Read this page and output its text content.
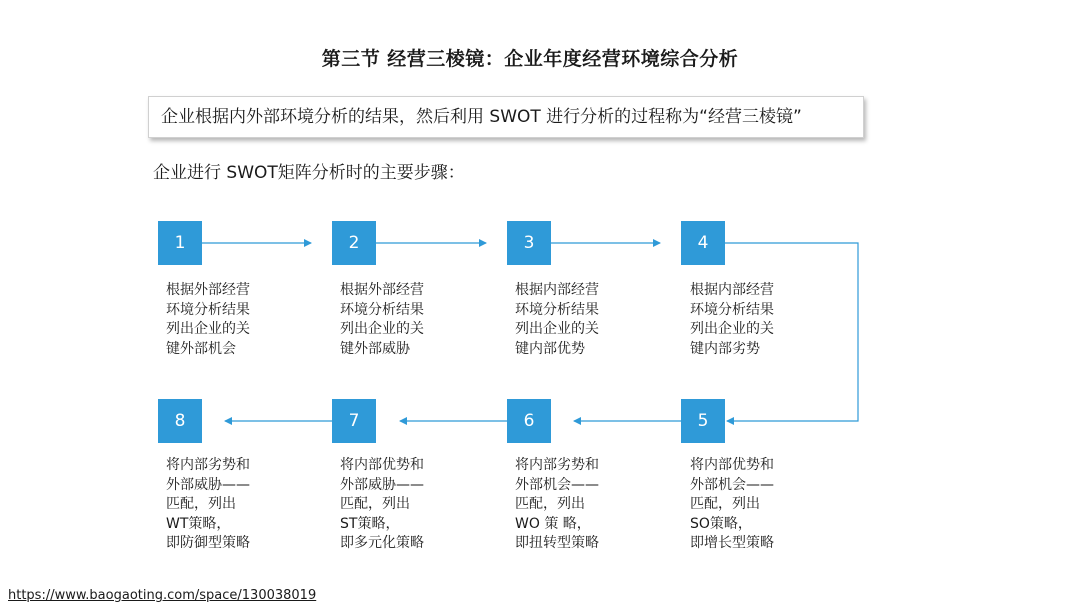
第三节 经营三棱镜：企业年度经营环境综合分析
企业根据内外部环境分析的结果，然后利用 SWOT 进行分析的过程称为“经营三棱镜”
企业进行 SWOT矩阵分析时的主要步骤：
1
根据外部经营
环境分析结果
列出企业的关
键外部机会
2
根据外部经营
环境分析结果
列出企业的关
键外部威胁
3
根据内部经营
环境分析结果
列出企业的关
键内部优势
4
根据内部经营
环境分析结果
列出企业的关
键内部劣势
5
将内部优势和
外部机会——
匹配，列出
SO策略，
即增长型策略
6
将内部劣势和
外部机会——
匹配，列出
WO 策 略，
即扭转型策略
7
将内部优势和
外部威胁——
匹配，列出
ST策略，
即多元化策略
8
将内部劣势和
外部威胁——
匹配，列出
WT策略，
即防御型策略
https://www.baogaoting.com/space/130038019
